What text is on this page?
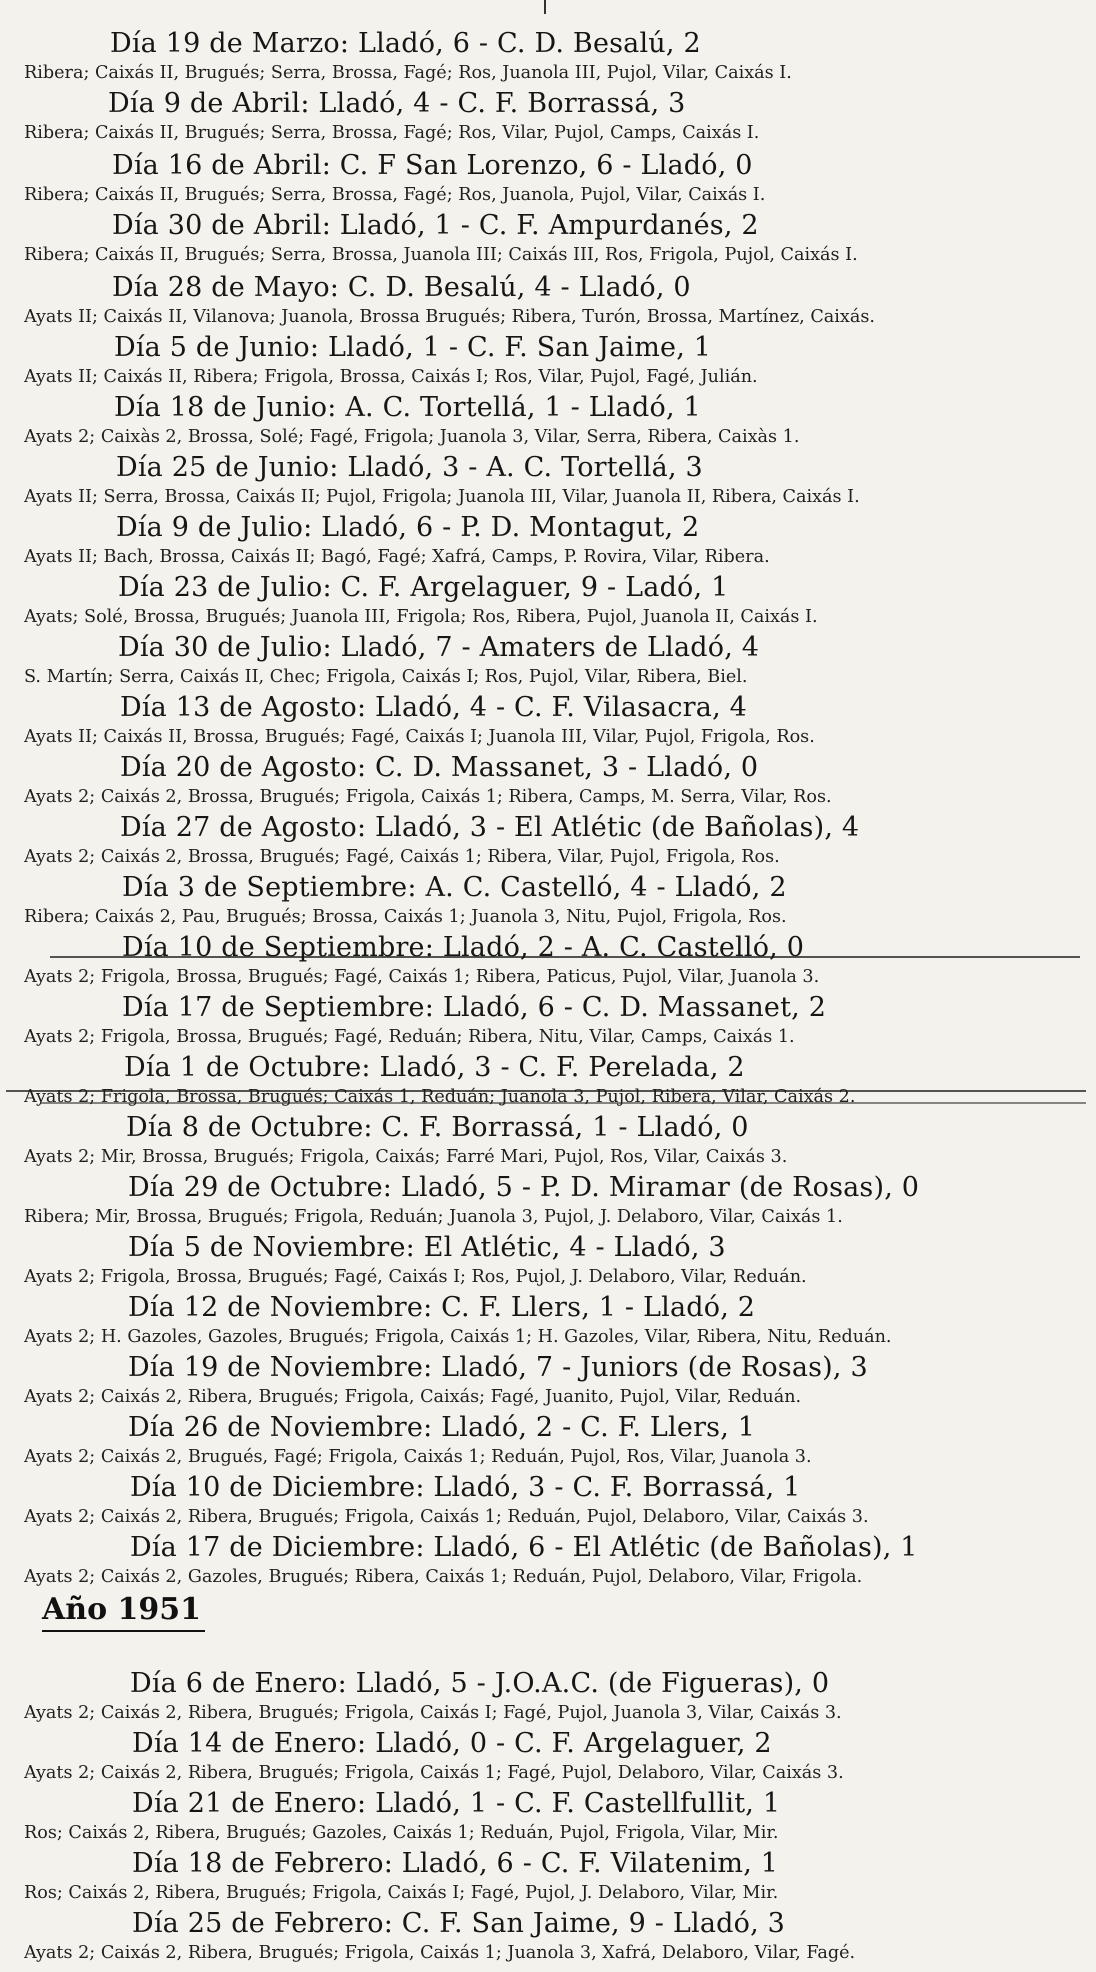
Año 1951
Día 19 de Marzo: Lladó, 6 - C. D. Besalú, 2
Ribera; Caixás II, Brugués; Serra, Brossa, Fagé; Ros, Juanola III, Pujol, Vilar, Caixás I.
Día 9 de Abril: Lladó, 4 - C. F. Borrassá, 3
Ribera; Caixás II, Brugués; Serra, Brossa, Fagé; Ros, Vilar, Pujol, Camps, Caixás I.
Día 16 de Abril: C. F San Lorenzo, 6 - Lladó, 0
Ribera; Caixás II, Brugués; Serra, Brossa, Fagé; Ros, Juanola, Pujol, Vilar, Caixás I.
Día 30 de Abril: Lladó, 1 - C. F. Ampurdanés, 2
Ribera; Caixás II, Brugués; Serra, Brossa, Juanola III; Caixás III, Ros, Frigola, Pujol, Caixás I.
Día 28 de Mayo: C. D. Besalú, 4 - Lladó, 0
Ayats II; Caixás II, Vilanova; Juanola, Brossa Brugués; Ribera, Turón, Brossa, Martínez, Caixás.
Día 5 de Junio: Lladó, 1 - C. F. San Jaime, 1
Ayats II; Caixás II, Ribera; Frigola, Brossa, Caixás I; Ros, Vilar, Pujol, Fagé, Julián.
Día 18 de Junio: A. C. Tortellá, 1 - Lladó, 1
Ayats 2; Caixàs 2, Brossa, Solé; Fagé, Frigola; Juanola 3, Vilar, Serra, Ribera, Caixàs 1.
Día 25 de Junio: Lladó, 3 - A. C. Tortellá, 3
Ayats II; Serra, Brossa, Caixás II; Pujol, Frigola; Juanola III, Vilar, Juanola II, Ribera, Caixás I.
Día 9 de Julio: Lladó, 6 - P. D. Montagut, 2
Ayats II; Bach, Brossa, Caixás II; Bagó, Fagé; Xafrá, Camps, P. Rovira, Vilar, Ribera.
Día 23 de Julio: C. F. Argelaguer, 9 - Ladó, 1
Ayats; Solé, Brossa, Brugués; Juanola III, Frigola; Ros, Ribera, Pujol, Juanola II, Caixás I.
Día 30 de Julio: Lladó, 7 - Amaters de Lladó, 4
S. Martín; Serra, Caixás II, Chec; Frigola, Caixás I; Ros, Pujol, Vilar, Ribera, Biel.
Día 13 de Agosto: Lladó, 4 - C. F. Vilasacra, 4
Ayats II; Caixás II, Brossa, Brugués; Fagé, Caixás I; Juanola III, Vilar, Pujol, Frigola, Ros.
Día 20 de Agosto: C. D. Massanet, 3 - Lladó, 0
Ayats 2; Caixás 2, Brossa, Brugués; Frigola, Caixás 1; Ribera, Camps, M. Serra, Vilar, Ros.
Día 27 de Agosto: Lladó, 3 - El Atlétic (de Bañolas), 4
Ayats 2; Caixás 2, Brossa, Brugués; Fagé, Caixás 1; Ribera, Vilar, Pujol, Frigola, Ros.
Día 3 de Septiembre: A. C. Castelló, 4 - Lladó, 2
Ribera; Caixás 2, Pau, Brugués; Brossa, Caixás 1; Juanola 3, Nitu, Pujol, Frigola, Ros.
Día 10 de Septiembre: Lladó, 2 - A. C. Castelló, 0
Ayats 2; Frigola, Brossa, Brugués; Fagé, Caixás 1; Ribera, Paticus, Pujol, Vilar, Juanola 3.
Día 17 de Septiembre: Lladó, 6 - C. D. Massanet, 2
Ayats 2; Frigola, Brossa, Brugués; Fagé, Reduán; Ribera, Nitu, Vilar, Camps, Caixás 1.
Día 1 de Octubre: Lladó, 3 - C. F. Perelada, 2
Ayats 2; Frigola, Brossa, Brugués; Caixás 1, Reduán; Juanola 3, Pujol, Ribera, Vilar, Caixás 2.
Día 8 de Octubre: C. F. Borrassá, 1 - Lladó, 0
Ayats 2; Mir, Brossa, Brugués; Frigola, Caixás; Farré Mari, Pujol, Ros, Vilar, Caixás 3.
Día 29 de Octubre: Lladó, 5 - P. D. Miramar (de Rosas), 0
Ribera; Mir, Brossa, Brugués; Frigola, Reduán; Juanola 3, Pujol, J. Delaboro, Vilar, Caixás 1.
Día 5 de Noviembre: El Atlétic, 4 - Lladó, 3
Ayats 2; Frigola, Brossa, Brugués; Fagé, Caixás I; Ros, Pujol, J. Delaboro, Vilar, Reduán.
Día 12 de Noviembre: C. F. Llers, 1 - Lladó, 2
Ayats 2; H. Gazoles, Gazoles, Brugués; Frigola, Caixás 1; H. Gazoles, Vilar, Ribera, Nitu, Reduán.
Día 19 de Noviembre: Lladó, 7 - Juniors (de Rosas), 3
Ayats 2; Caixás 2, Ribera, Brugués; Frigola, Caixás; Fagé, Juanito, Pujol, Vilar, Reduán.
Día 26 de Noviembre: Lladó, 2 - C. F. Llers, 1
Ayats 2; Caixás 2, Brugués, Fagé; Frigola, Caixás 1; Reduán, Pujol, Ros, Vilar, Juanola 3.
Día 10 de Diciembre: Lladó, 3 - C. F. Borrassá, 1
Ayats 2; Caixás 2, Ribera, Brugués; Frigola, Caixás 1; Reduán, Pujol, Delaboro, Vilar, Caixás 3.
Día 17 de Diciembre: Lladó, 6 - El Atlétic (de Bañolas), 1
Ayats 2; Caixás 2, Gazoles, Brugués; Ribera, Caixás 1; Reduán, Pujol, Delaboro, Vilar, Frigola.
Día 6 de Enero: Lladó, 5 - J.O.A.C. (de Figueras), 0
Ayats 2; Caixás 2, Ribera, Brugués; Frigola, Caixás I; Fagé, Pujol, Juanola 3, Vilar, Caixás 3.
Día 14 de Enero: Lladó, 0 - C. F. Argelaguer, 2
Ayats 2; Caixás 2, Ribera, Brugués; Frigola, Caixás 1; Fagé, Pujol, Delaboro, Vilar, Caixás 3.
Día 21 de Enero: Lladó, 1 - C. F. Castellfullit, 1
Ros; Caixás 2, Ribera, Brugués; Gazoles, Caixás 1; Reduán, Pujol, Frigola, Vilar, Mir.
Día 18 de Febrero: Lladó, 6 - C. F. Vilatenim, 1
Ros; Caixás 2, Ribera, Brugués; Frigola, Caixás I; Fagé, Pujol, J. Delaboro, Vilar, Mir.
Día 25 de Febrero: C. F. San Jaime, 9 - Lladó, 3
Ayats 2; Caixás 2, Ribera, Brugués; Frigola, Caixás 1; Juanola 3, Xafrá, Delaboro, Vilar, Fagé.
